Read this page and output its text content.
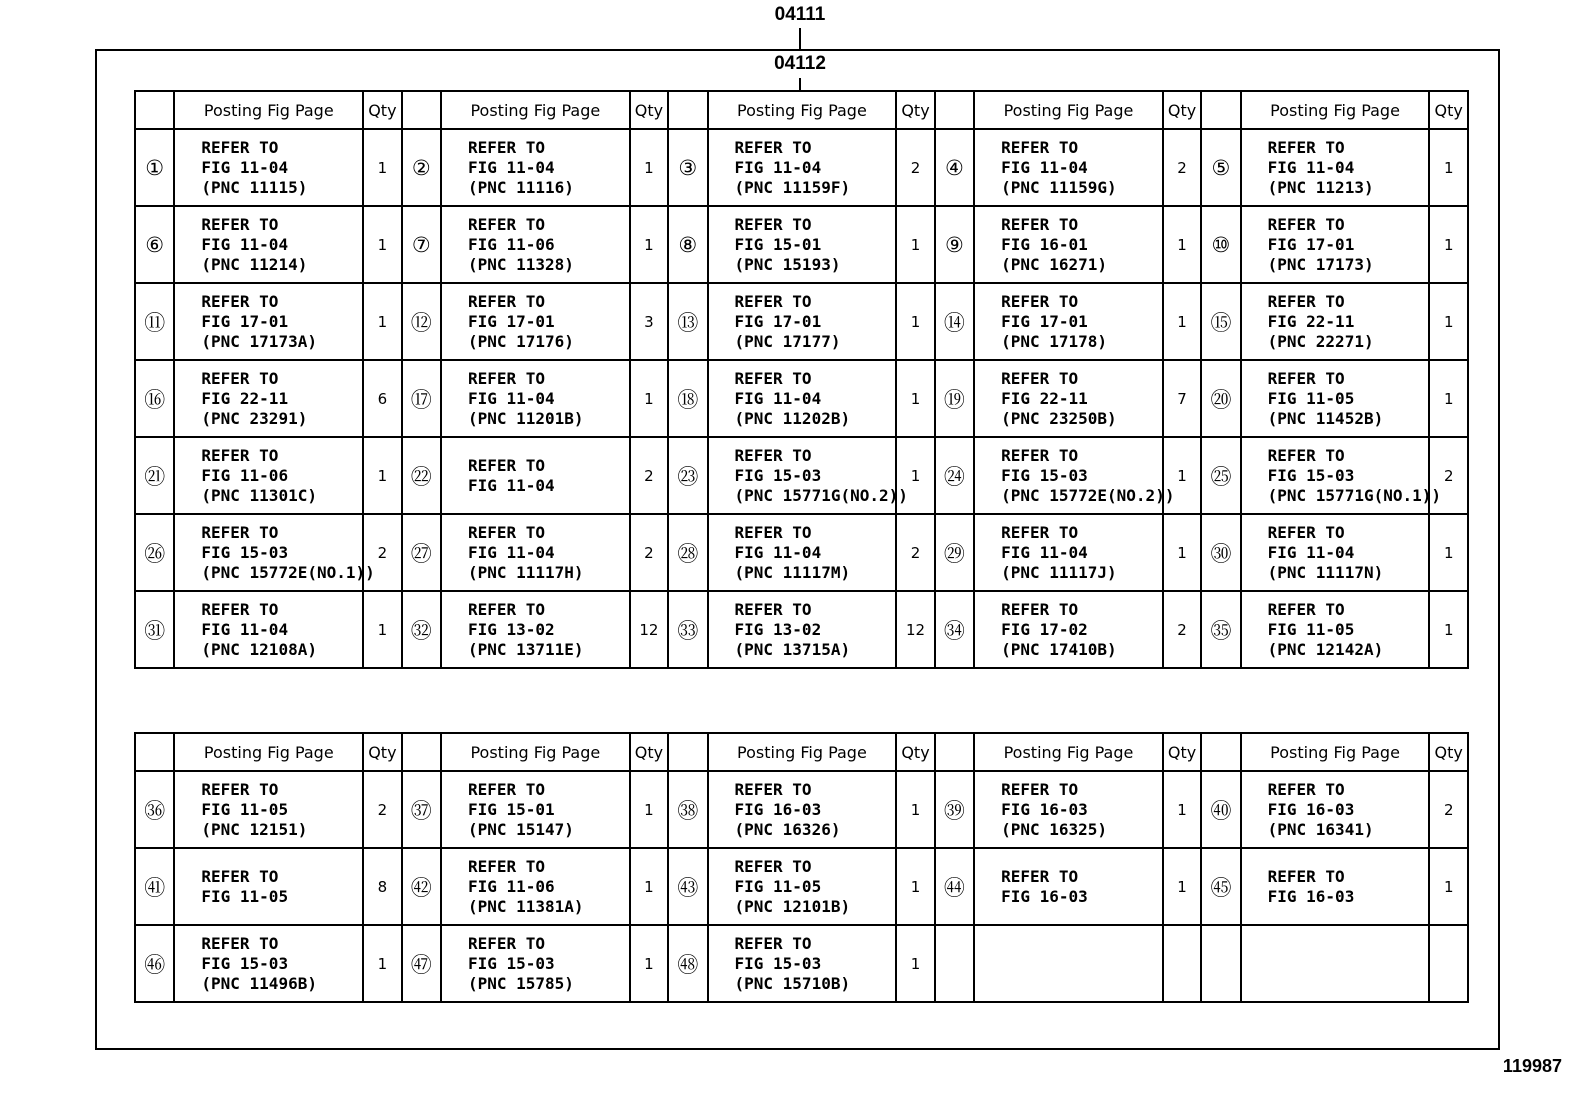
04111
04112
	Posting Fig Page	Qty		Posting Fig Page	Qty		Posting Fig Page	Qty		Posting Fig Page	Qty		Posting Fig Page	Qty
①	REFER TO
FIG 11-04
(PNC 11115)	1	②	REFER TO
FIG 11-04
(PNC 11116)	1	③	REFER TO
FIG 11-04
(PNC 11159F)	2	④	REFER TO
FIG 11-04
(PNC 11159G)	2	⑤	REFER TO
FIG 11-04
(PNC 11213)	1
⑥	REFER TO
FIG 11-04
(PNC 11214)	1	⑦	REFER TO
FIG 11-06
(PNC 11328)	1	⑧	REFER TO
FIG 15-01
(PNC 15193)	1	⑨	REFER TO
FIG 16-01
(PNC 16271)	1	⑩	REFER TO
FIG 17-01
(PNC 17173)	1
⑪	REFER TO
FIG 17-01
(PNC 17173A)	1	⑫	REFER TO
FIG 17-01
(PNC 17176)	3	⑬	REFER TO
FIG 17-01
(PNC 17177)	1	⑭	REFER TO
FIG 17-01
(PNC 17178)	1	⑮	REFER TO
FIG 22-11
(PNC 22271)	1
⑯	REFER TO
FIG 22-11
(PNC 23291)	6	⑰	REFER TO
FIG 11-04
(PNC 11201B)	1	⑱	REFER TO
FIG 11-04
(PNC 11202B)	1	⑲	REFER TO
FIG 22-11
(PNC 23250B)	7	⑳	REFER TO
FIG 11-05
(PNC 11452B)	1
㉑	REFER TO
FIG 11-06
(PNC 11301C)	1	㉒	REFER TO
FIG 11-04	2	㉓	REFER TO
FIG 15-03
(PNC 15771G(NO.2))	1	㉔	REFER TO
FIG 15-03
(PNC 15772E(NO.2))	1	㉕	REFER TO
FIG 15-03
(PNC 15771G(NO.1))	2
㉖	REFER TO
FIG 15-03
(PNC 15772E(NO.1))	2	㉗	REFER TO
FIG 11-04
(PNC 11117H)	2	㉘	REFER TO
FIG 11-04
(PNC 11117M)	2	㉙	REFER TO
FIG 11-04
(PNC 11117J)	1	㉚	REFER TO
FIG 11-04
(PNC 11117N)	1
㉛	REFER TO
FIG 11-04
(PNC 12108A)	1	㉜	REFER TO
FIG 13-02
(PNC 13711E)	12	㉝	REFER TO
FIG 13-02
(PNC 13715A)	12	㉞	REFER TO
FIG 17-02
(PNC 17410B)	2	㉟	REFER TO
FIG 11-05
(PNC 12142A)	1
	Posting Fig Page	Qty		Posting Fig Page	Qty		Posting Fig Page	Qty		Posting Fig Page	Qty		Posting Fig Page	Qty
㊱	REFER TO
FIG 11-05
(PNC 12151)	2	㊲	REFER TO
FIG 15-01
(PNC 15147)	1	㊳	REFER TO
FIG 16-03
(PNC 16326)	1	㊴	REFER TO
FIG 16-03
(PNC 16325)	1	㊵	REFER TO
FIG 16-03
(PNC 16341)	2
㊶	REFER TO
FIG 11-05	8	㊷	REFER TO
FIG 11-06
(PNC 11381A)	1	㊸	REFER TO
FIG 11-05
(PNC 12101B)	1	㊹	REFER TO
FIG 16-03	1	㊺	REFER TO
FIG 16-03	1
㊻	REFER TO
FIG 15-03
(PNC 11496B)	1	㊼	REFER TO
FIG 15-03
(PNC 15785)	1	㊽	REFER TO
FIG 15-03
(PNC 15710B)	1		

119987
